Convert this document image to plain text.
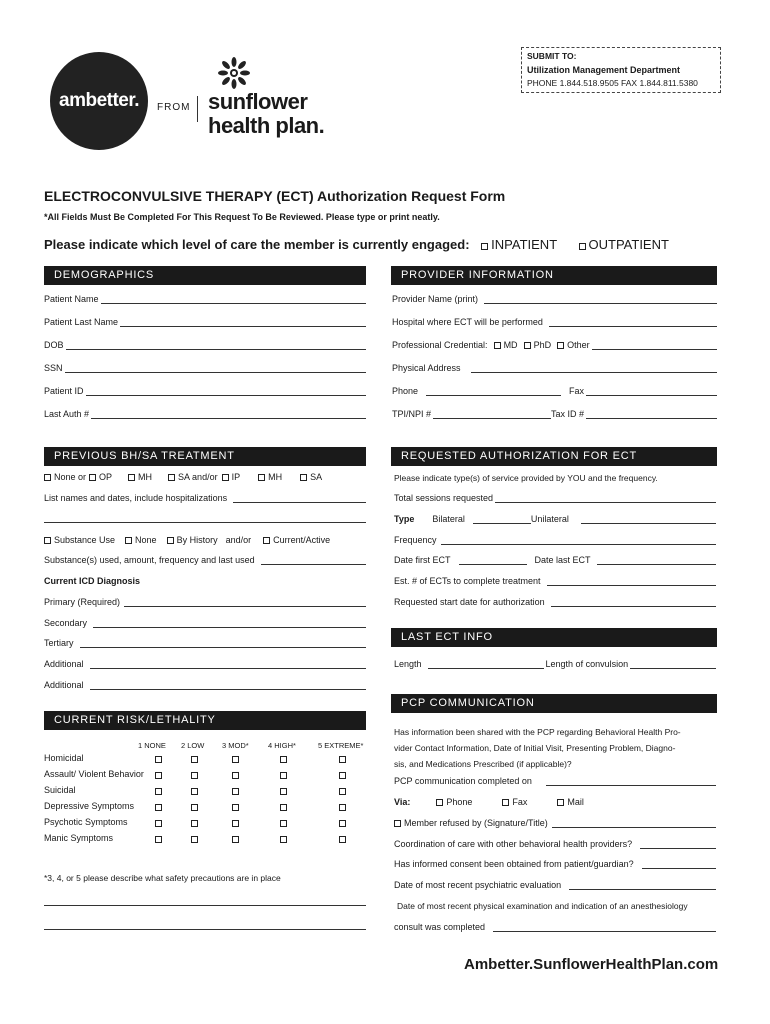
ambetter.	FROM sunflower
health plan.
SUBMIT TO:
Utilization Management Department
PHONE 1.844.518.9505 FAX 1.844.811.5380
ELECTROCONVULSIVE THERAPY (ECT) Authorization Request Form
*All Fields Must Be Completed For This Request To Be Reviewed. Please type or print neatly.
Please indicate which level of care the member is currently engaged: INPATIENT OUTPATIENT
DEMOGRAPHICS
Patient Name
Patient Last Name
DOB
SSN
Patient ID
Last Auth #
PROVIDER INFORMATION
Provider Name (print)
Hospital where ECT will be performed
Professional Credential:	MD	PhD	Other
Physical Address
Phone	Fax
TPI/NPI #	Tax ID #
PREVIOUS BH/SA TREATMENT
None or	OP	MH	SA and/or	IP	MH	SA
List names and dates, include hospitalizations
Substance Use	None	By History and/or	Current/Active
Substance(s) used, amount, frequency and last used
Current ICD Diagnosis
Primary (Required)
Secondary
Tertiary
Additional
Additional
REQUESTED AUTHORIZATION FOR ECT
Please indicate type(s) of service provided by YOU and the frequency.
Total sessions requested
Type Bilateral	Unilateral
Frequency
Date first ECT	Date last ECT
Est. # of ECTs to complete treatment
Requested start date for authorization
LAST ECT INFO
Length	Length of convulsion
CURRENT RISK/LETHALITY
1 NONE 2 LOW 3 MOD*	4 HIGH*	5 EXTREME*
Homicidal
Assault/ Violent Behavior
Suicidal
Depressive Symptoms
Psychotic Symptoms
Manic Symptoms
*3, 4, or 5 please describe what safety precautions are in place
PCP COMMUNICATION
Has information been shared with the PCP regarding Behavioral Health Pro-
vider Contact Information, Date of Initial Visit, Presenting Problem, Diagno-
sis, and Medications Prescribed (if applicable)?
PCP communication completed on
Via:	Phone	Fax	Mail
Member refused by (Signature/Title)
Coordination of care with other behavioral health providers?
Has informed consent been obtained from patient/guardian?
Date of most recent psychiatric evaluation
Date of most recent physical examination and indication of an anesthesiology
consult was completed
Ambetter.SunflowerHealthPlan.com
